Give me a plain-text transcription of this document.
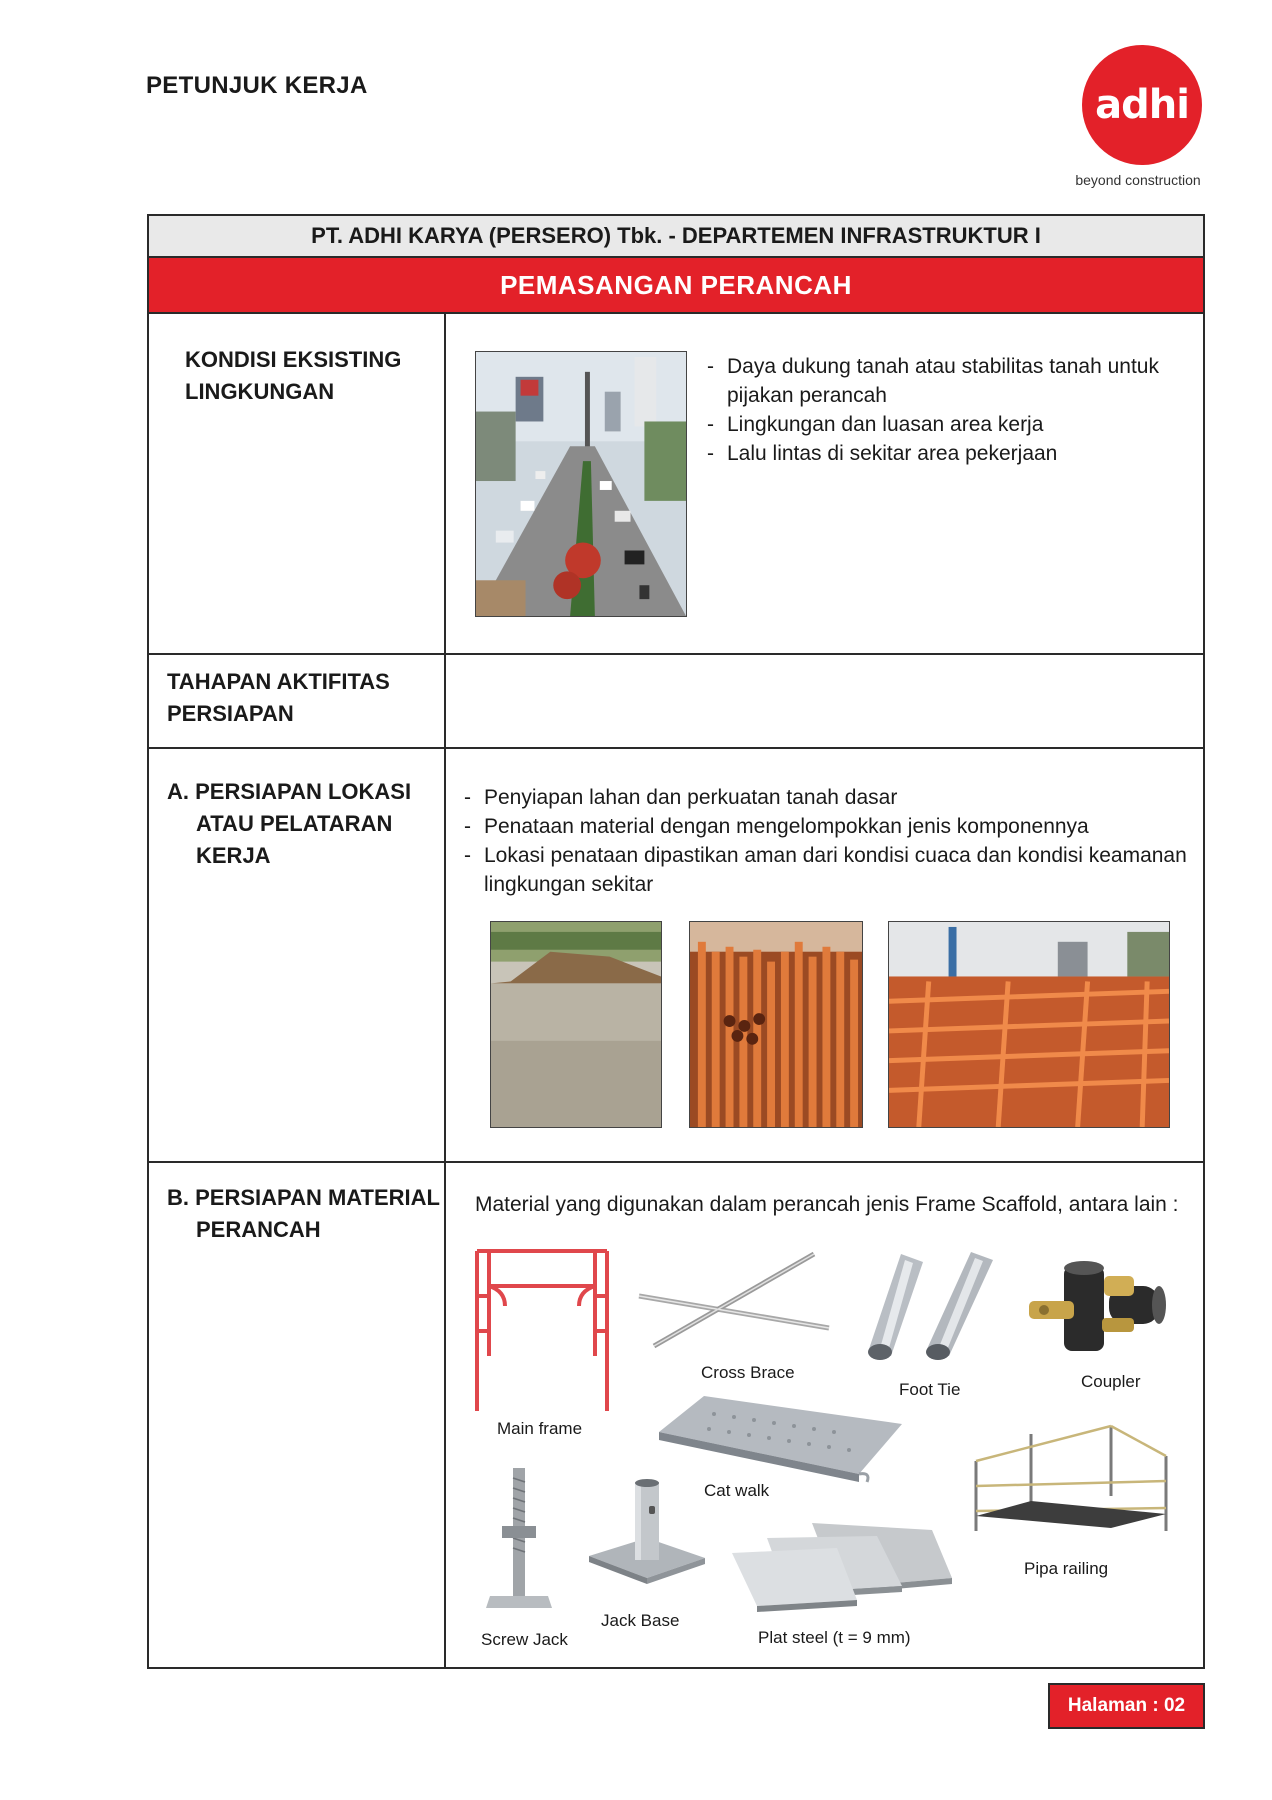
PETUNJUK KERJA	adhi
beyond construction
PT. ADHI KARYA (PERSERO) Tbk. - DEPARTEMEN INFRASTRUKTUR I
PEMASANGAN PERANCAH
KONDISI EKSISTING
LINGKUNGAN
- Daya dukung tanah atau stabilitas tanah untuk pijakan perancah
- Lingkungan dan luasan area kerja
- Lalu lintas di sekitar area pekerjaan
TAHAPAN AKTIFITAS
PERSIAPAN
A. PERSIAPAN LOKASI
ATAU PELATARAN
KERJA
- Penyiapan lahan dan perkuatan tanah dasar
- Penataan material dengan mengelompokkan jenis komponennya
- Lokasi penataan dipastikan aman dari kondisi cuaca dan kondisi keamanan lingkungan sekitar
B. PERSIAPAN MATERIAL
PERANCAH
Material yang digunakan dalam perancah jenis Frame Scaffold, antara lain :
Main frame
Cross Brace
Foot Tie	Coupler
Cat walk
Pipa railing
Screw Jack
Jack Base
Plat steel (t = 9 mm)
Halaman : 02
